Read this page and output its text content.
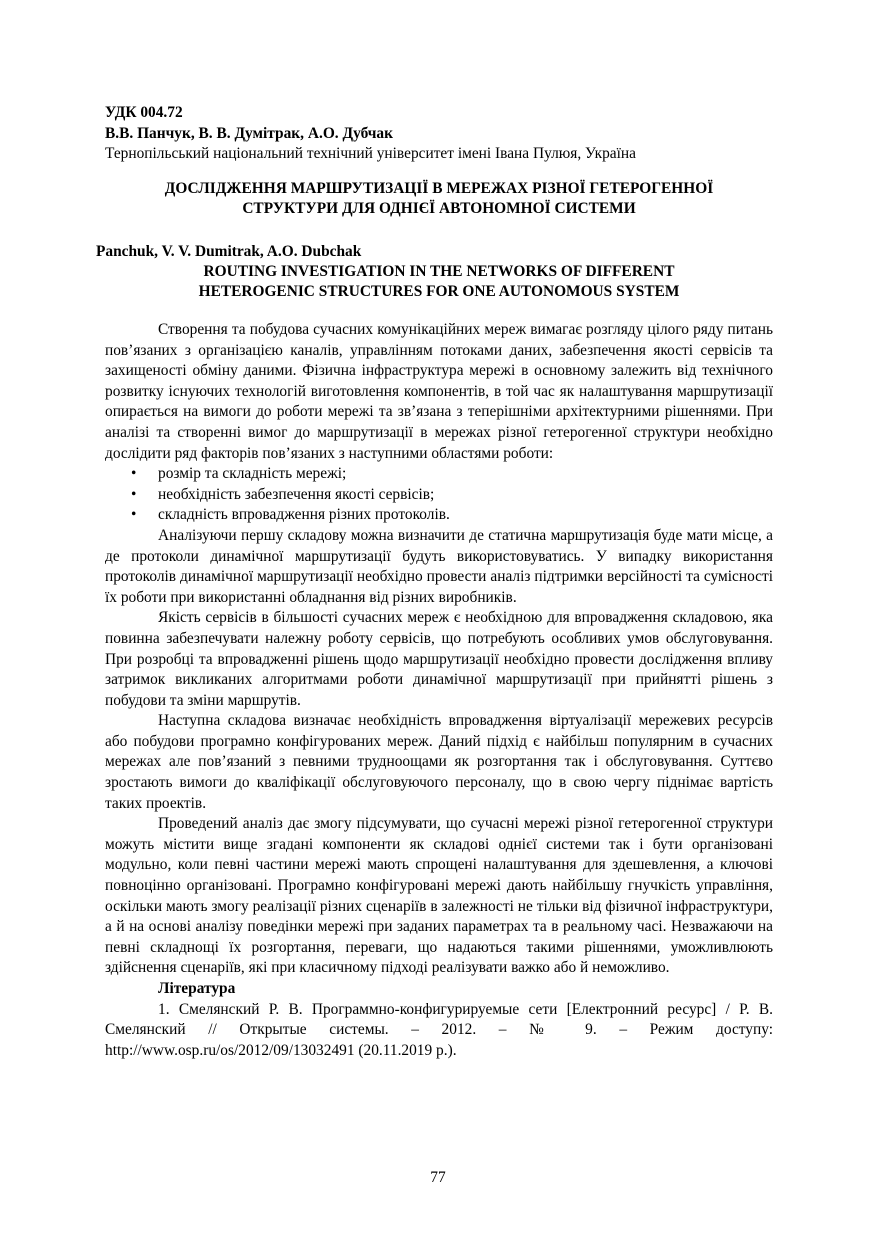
УДК 004.72
В.В. Панчук, В. В. Думітрак, А.О. Дубчак
Тернопільський національний технічний університет імені Івана Пулюя, Україна
ДОСЛІДЖЕННЯ МАРШРУТИЗАЦІЇ В МЕРЕЖАХ РІЗНОЇ ГЕТЕРОГЕННОЇ
СТРУКТУРИ ДЛЯ ОДНІЄЇ АВТОНОМНОЇ СИСТЕМИ
Panchuk, V. V. Dumitrak, A.O. Dubchak
ROUTING INVESTIGATION IN THE NETWORKS OF DIFFERENT
HETEROGENIC STRUCTURES FOR ONE AUTONOMOUS SYSTEM

Створення та побудова сучасних комунікаційних мереж вимагає розгляду цілого ряду питань пов’язаних з організацією каналів, управлінням потоками даних, забезпечення якості сервісів та захищеності обміну даними. Фізична інфраструктура мережі в основному залежить від технічного розвитку існуючих технологій виготовлення компонентів, в той час як налаштування маршрутизації опирається на вимоги до роботи мережі та зв’язана з теперішніми архітектурними рішеннями. При аналізі та створенні вимог до маршрутизації в мережах різної гетерогенної структури необхідно дослідити ряд факторів пов’язаних з наступними областями роботи:

• розмір та складність мережі;
• необхідність забезпечення якості сервісів;
• складність впровадження різних протоколів.

Аналізуючи першу складову можна визначити де статична маршрутизація буде мати місце, а де протоколи динамічної маршрутизації будуть використовуватись. У випадку використання протоколів динамічної маршрутизації необхідно провести аналіз підтримки версійності та сумісності їх роботи при використанні обладнання від різних виробників.

Якість сервісів в більшості сучасних мереж є необхідною для впровадження складовою, яка повинна забезпечувати належну роботу сервісів, що потребують особливих умов обслуговування. При розробці та впровадженні рішень щодо маршрутизації необхідно провести дослідження впливу затримок викликаних алгоритмами роботи динамічної маршрутизації при прийнятті рішень з побудови та зміни маршрутів.

Наступна складова визначає необхідність впровадження віртуалізації мережевих ресурсів або побудови програмно конфігурованих мереж. Даний підхід є найбільш популярним в сучасних мережах але пов’язаний з певними трудноощами як розгортання так і обслуговування. Суттєво зростають вимоги до кваліфікації обслуговуючого персоналу, що в свою чергу піднімає вартість таких проектів.

Проведений аналіз дає змогу підсумувати, що сучасні мережі різної гетерогенної структури можуть містити вище згадані компоненти як складові однієї системи так і бути організовані модульно, коли певні частини мережі мають спрощені налаштування для здешевлення, а ключові повноцінно організовані. Програмно конфігуровані мережі дають найбільшу гнучкість управління, оскільки мають змогу реалізації різних сценаріїв в залежності не тільки від фізичної інфраструктури, а й на основі аналізу поведінки мережі при заданих параметрах та в реальному часі. Незважаючи на певні складнощі їх розгортання, переваги, що надаються такими рішеннями, уможливлюють здійснення сценаріїв, які при класичному підході реалізувати важко або й неможливо.

Література

1. Смелянский Р. В. Программно-конфигурируемые сети [Електронний ресурс] / Р. В. Смелянский // Открытые системы. – 2012. – № 9. – Режим доступу: http://www.osp.ru/os/2012/09/13032491 (20.11.2019 р.).

77
